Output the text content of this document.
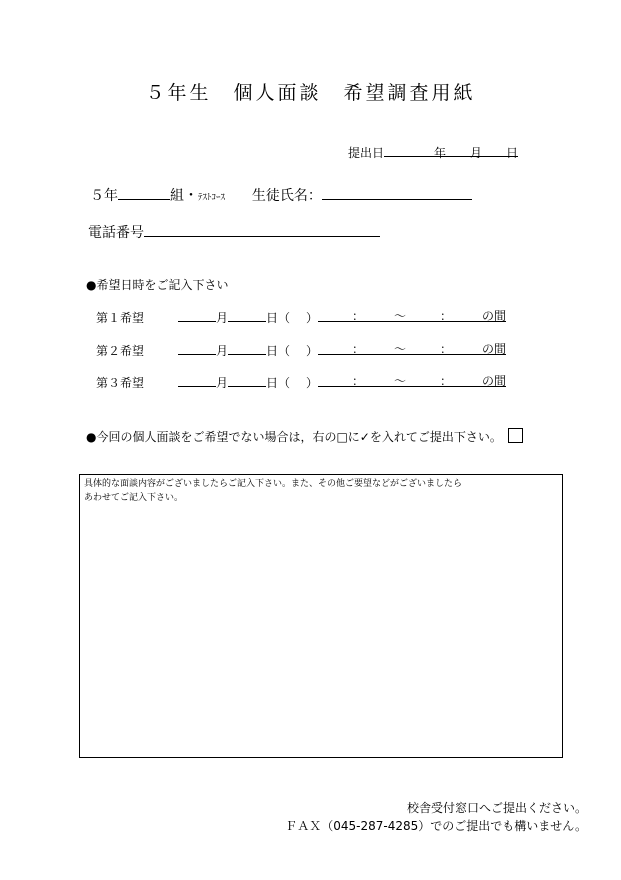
５年生　個人面談　希望調査用紙
提出日	年 月 日
５年	組・ﾃｽﾄｺｰｽ 生徒氏名：
電話番号
●希望日時をご記入下さい
第１希望	月	日（ ）	： ～	： の間
第２希望	月	日（ ）	： ～	： の間
第３希望	月	日（ ）	： ～	： の間
●今回の個人面談をご希望でない場合は，右の□に✓を入れてご提出下さい。
具体的な面談内容がございましたらご記入下さい。また、その他ご要望などがございましたら
あわせてご記入下さい。
校舎受付窓口へご提出ください。
ＦＡＸ（045-287-4285）でのご提出でも構いません。
